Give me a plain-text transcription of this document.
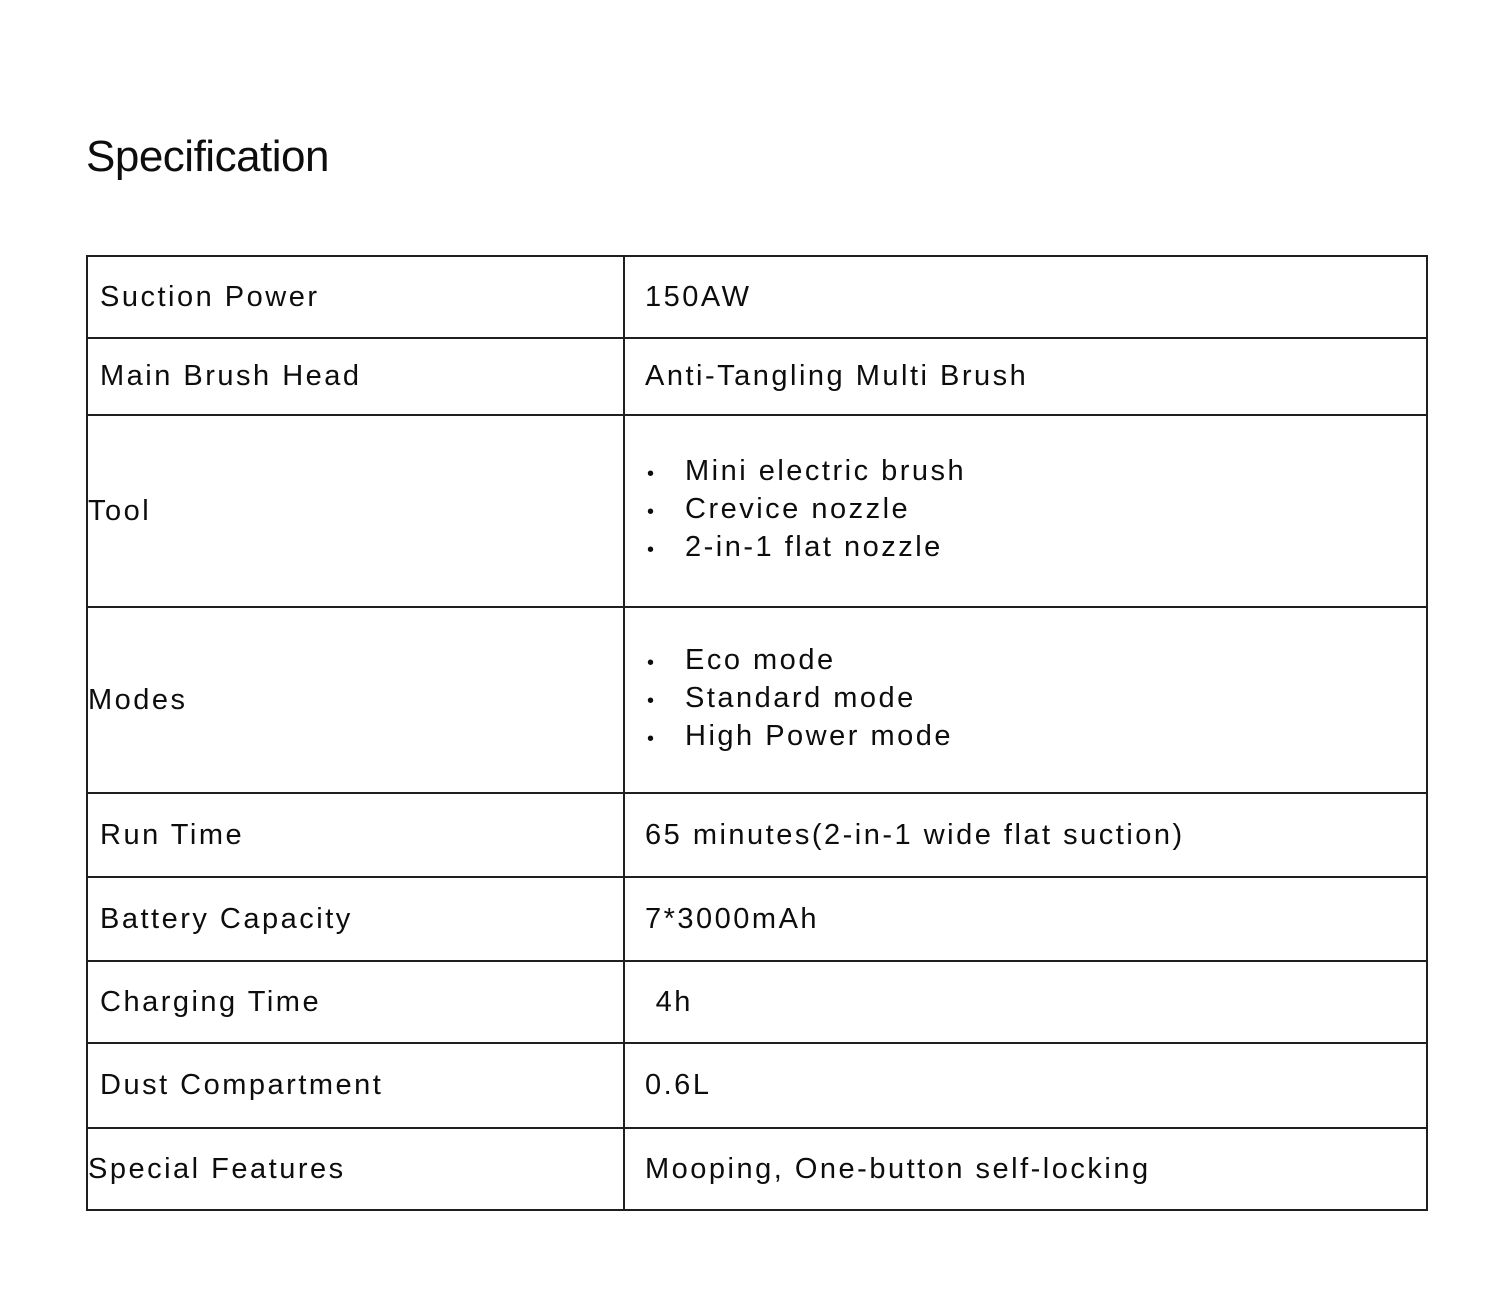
Specification
Suction Power	150AW
Main Brush Head	Anti-Tangling Multi Brush
Tool	
•	Mini electric brush
•	Crevice nozzle
•	2-in-1 flat nozzle

Modes	
•	Eco mode
•	Standard mode
•	High Power mode

Run Time	65 minutes(2-in-1 wide flat suction)
Battery Capacity	7*3000mAh
Charging Time	4h
Dust Compartment	0.6L
Special Features	Mooping, One-button self-locking
